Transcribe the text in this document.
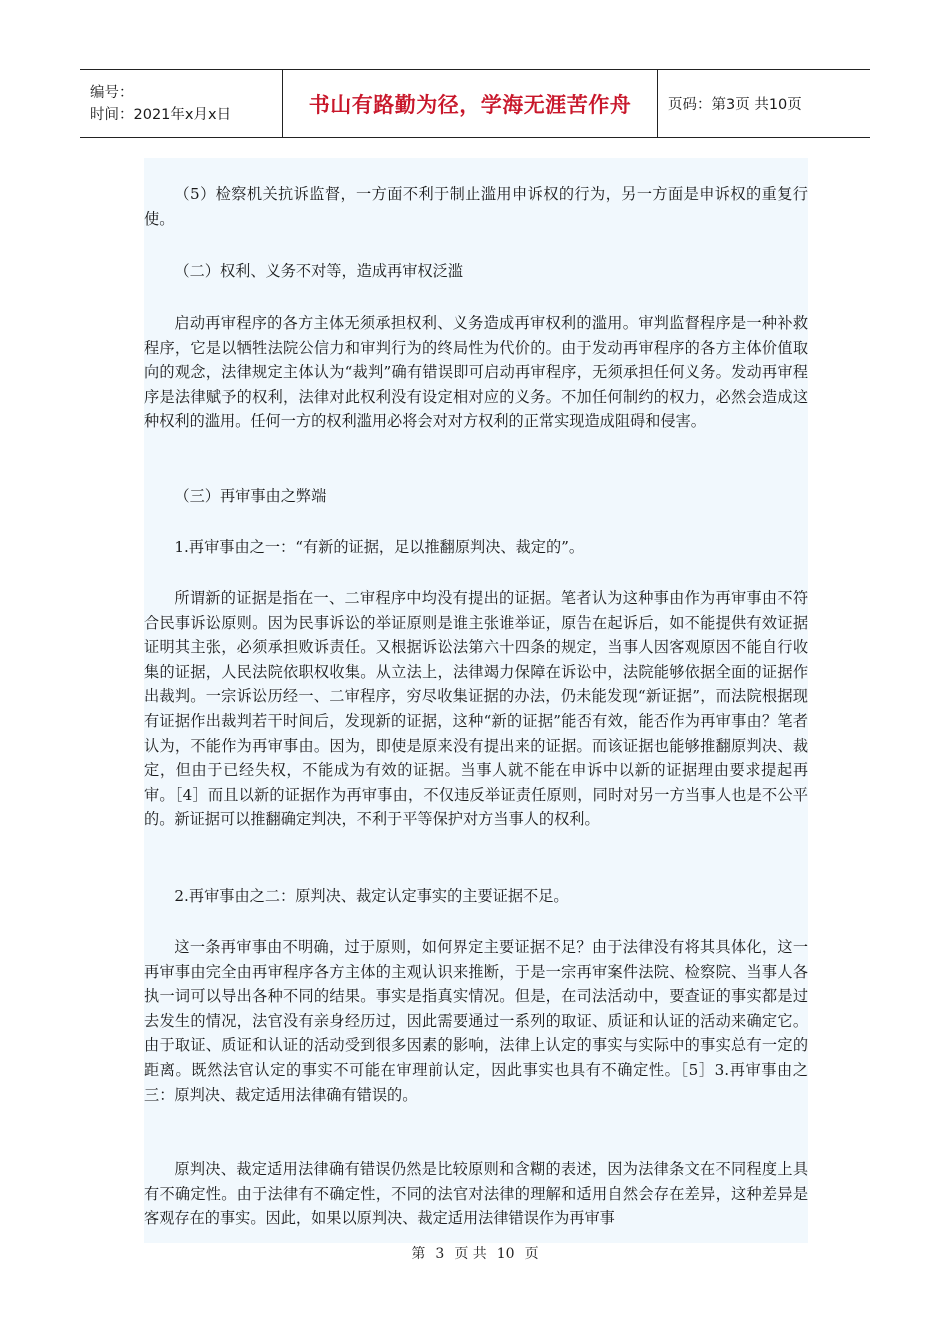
编号：
时间：2021年x月x日	书山有路勤为径，学海无涯苦作舟	页码：第3页 共10页

（5）检察机关抗诉监督，一方面不利于制止滥用申诉权的行为，另一方面是申诉权的重复行使。

（二）权利、义务不对等，造成再审权泛滥

启动再审程序的各方主体无须承担权利、义务造成再审权利的滥用。审判监督程序是一种补救程序，它是以牺牲法院公信力和审判行为的终局性为代价的。由于发动再审程序的各方主体价值取向的观念，法律规定主体认为“裁判”确有错误即可启动再审程序，无须承担任何义务。发动再审程序是法律赋予的权利，法律对此权利没有设定相对应的义务。不加任何制约的权力，必然会造成这种权利的滥用。任何一方的权利滥用必将会对对方权利的正常实现造成阻碍和侵害。

（三）再审事由之弊端

1.再审事由之一：“有新的证据，足以推翻原判决、裁定的”。

所谓新的证据是指在一、二审程序中均没有提出的证据。笔者认为这种事由作为再审事由不符合民事诉讼原则。因为民事诉讼的举证原则是谁主张谁举证，原告在起诉后，如不能提供有效证据证明其主张，必须承担败诉责任。又根据诉讼法第六十四条的规定，当事人因客观原因不能自行收集的证据，人民法院依职权收集。从立法上，法律竭力保障在诉讼中，法院能够依据全面的证据作出裁判。一宗诉讼历经一、二审程序，穷尽收集证据的办法，仍未能发现“新证据”，而法院根据现有证据作出裁判若干时间后，发现新的证据，这种“新的证据”能否有效，能否作为再审事由？笔者认为，不能作为再审事由。因为，即使是原来没有提出来的证据。而该证据也能够推翻原判决、裁定，但由于已经失权，不能成为有效的证据。当事人就不能在申诉中以新的证据理由要求提起再审。［4］而且以新的证据作为再审事由，不仅违反举证责任原则，同时对另一方当事人也是不公平的。新证据可以推翻确定判决，不利于平等保护对方当事人的权利。

2.再审事由之二：原判决、裁定认定事实的主要证据不足。

这一条再审事由不明确，过于原则，如何界定主要证据不足？由于法律没有将其具体化，这一再审事由完全由再审程序各方主体的主观认识来推断，于是一宗再审案件法院、检察院、当事人各执一词可以导出各种不同的结果。事实是指真实情况。但是，在司法活动中，要查证的事实都是过去发生的情况，法官没有亲身经历过，因此需要通过一系列的取证、质证和认证的活动来确定它。由于取证、质证和认证的活动受到很多因素的影响，法律上认定的事实与实际中的事实总有一定的距离。既然法官认定的事实不可能在审理前认定，因此事实也具有不确定性。［5］3.再审事由之三：原判决、裁定适用法律确有错误的。

原判决、裁定适用法律确有错误仍然是比较原则和含糊的表述，因为法律条文在不同程度上具有不确定性。由于法律有不确定性，不同的法官对法律的理解和适用自然会存在差异，这种差异是客观存在的事实。因此，如果以原判决、裁定适用法律错误作为再审事

第 3 页 共 10 页
